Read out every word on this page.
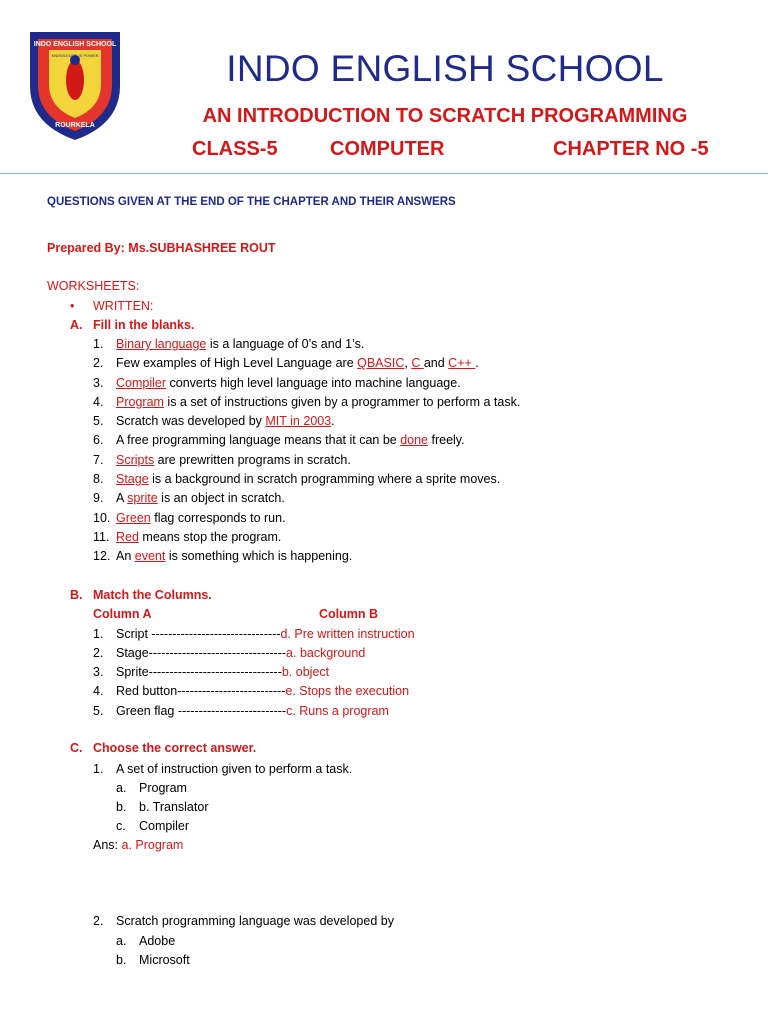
INDO ENGLISH SCHOOL
ROURKELA
KNOWLEDGE IS POWER	INDO ENGLISH SCHOOL
AN INTRODUCTION TO SCRATCH PROGRAMMING
CLASS-5	COMPUTER	CHAPTER NO -5
QUESTIONS GIVEN AT THE END OF THE CHAPTER AND THEIR ANSWERS
Prepared By: Ms.SUBHASHREE ROUT
WORKSHEETS:
• WRITTEN:
A. Fill in the blanks.
1. Binary language is a language of 0’s and 1’s.
2. Few examples of High Level Language are QBASIC, C and C++ .
3. Compiler converts high level language into machine language.
4. Program is a set of instructions given by a programmer to perform a task.
5. Scratch was developed by MIT in 2003.
6. A free programming language means that it can be done freely.
7. Scripts are prewritten programs in scratch.
8. Stage is a background in scratch programming where a sprite moves.
9. A sprite is an object in scratch.
10. Green flag corresponds to run.
11. Red means stop the program.
12. An event is something which is happening.
B. Match the Columns.
Column A	Column B
1. Script -------------------------------d. Pre written instruction
2. Stage---------------------------------a. background
3. Sprite--------------------------------b. object
4. Red button--------------------------e. Stops the execution
5. Green flag --------------------------c. Runs a program
C. Choose the correct answer.
1. A set of instruction given to perform a task.
a. Program
b. b. Translator
c. Compiler
Ans: a. Program
2. Scratch programming language was developed by
a. Adobe
b. Microsoft
